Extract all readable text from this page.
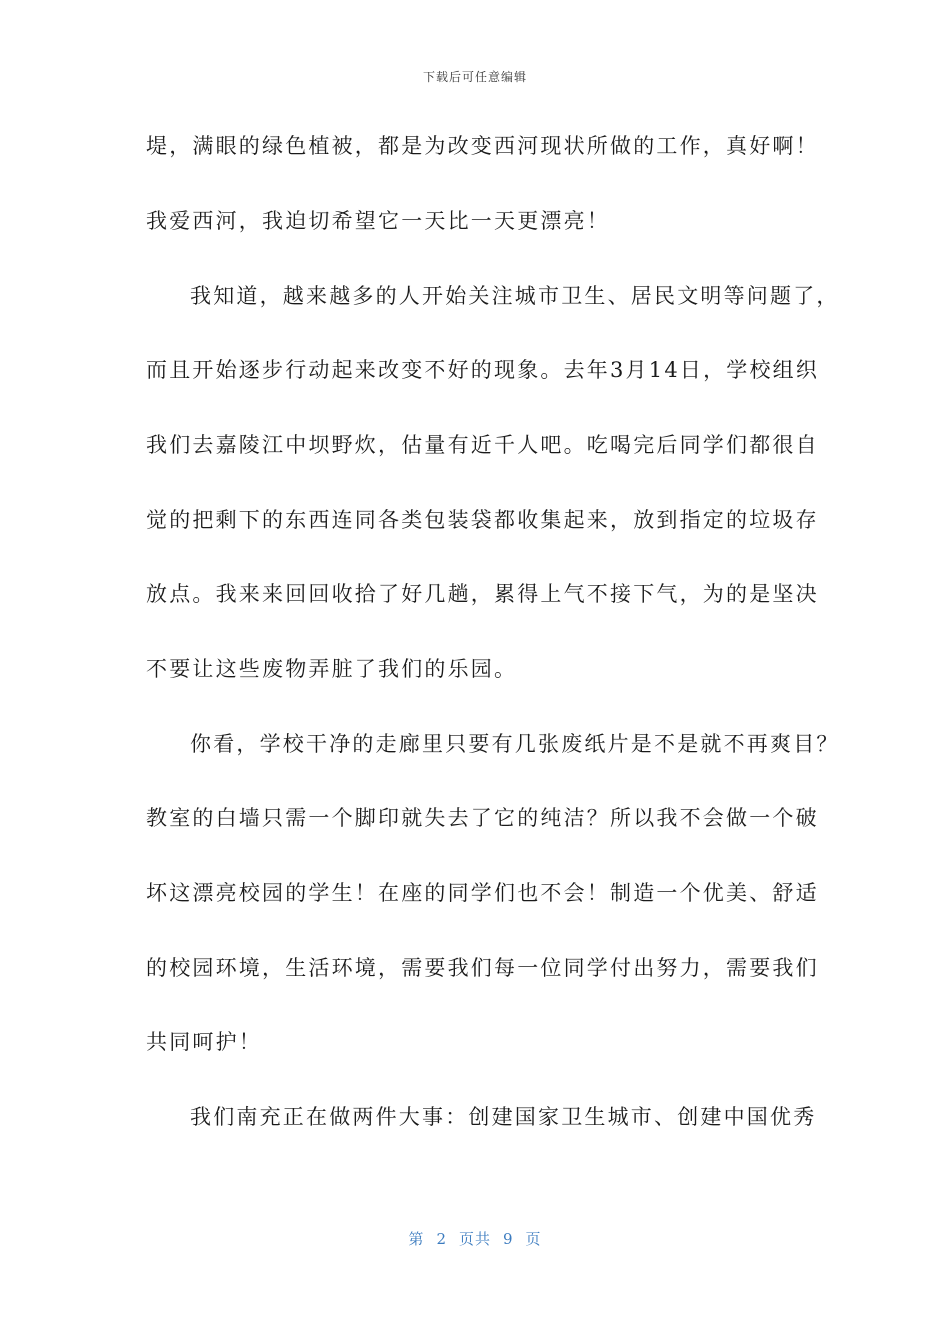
下载后可任意编辑
堤，满眼的绿色植被，都是为改变西河现状所做的工作，真好啊！
我爱西河，我迫切希望它一天比一天更漂亮！
我知道，越来越多的人开始关注城市卫生、居民文明等问题了，
而且开始逐步行动起来改变不好的现象。去年3月14日，学校组织
我们去嘉陵江中坝野炊，估量有近千人吧。吃喝完后同学们都很自
觉的把剩下的东西连同各类包装袋都收集起来，放到指定的垃圾存
放点。我来来回回收拾了好几趟，累得上气不接下气，为的是坚决
不要让这些废物弄脏了我们的乐园。
你看，学校干净的走廊里只要有几张废纸片是不是就不再爽目？
教室的白墙只需一个脚印就失去了它的纯洁？所以我不会做一个破
坏这漂亮校园的学生！在座的同学们也不会！制造一个优美、舒适
的校园环境，生活环境，需要我们每一位同学付出努力，需要我们
共同呵护！
我们南充正在做两件大事：创建国家卫生城市、创建中国优秀
第 2 页共 9 页
